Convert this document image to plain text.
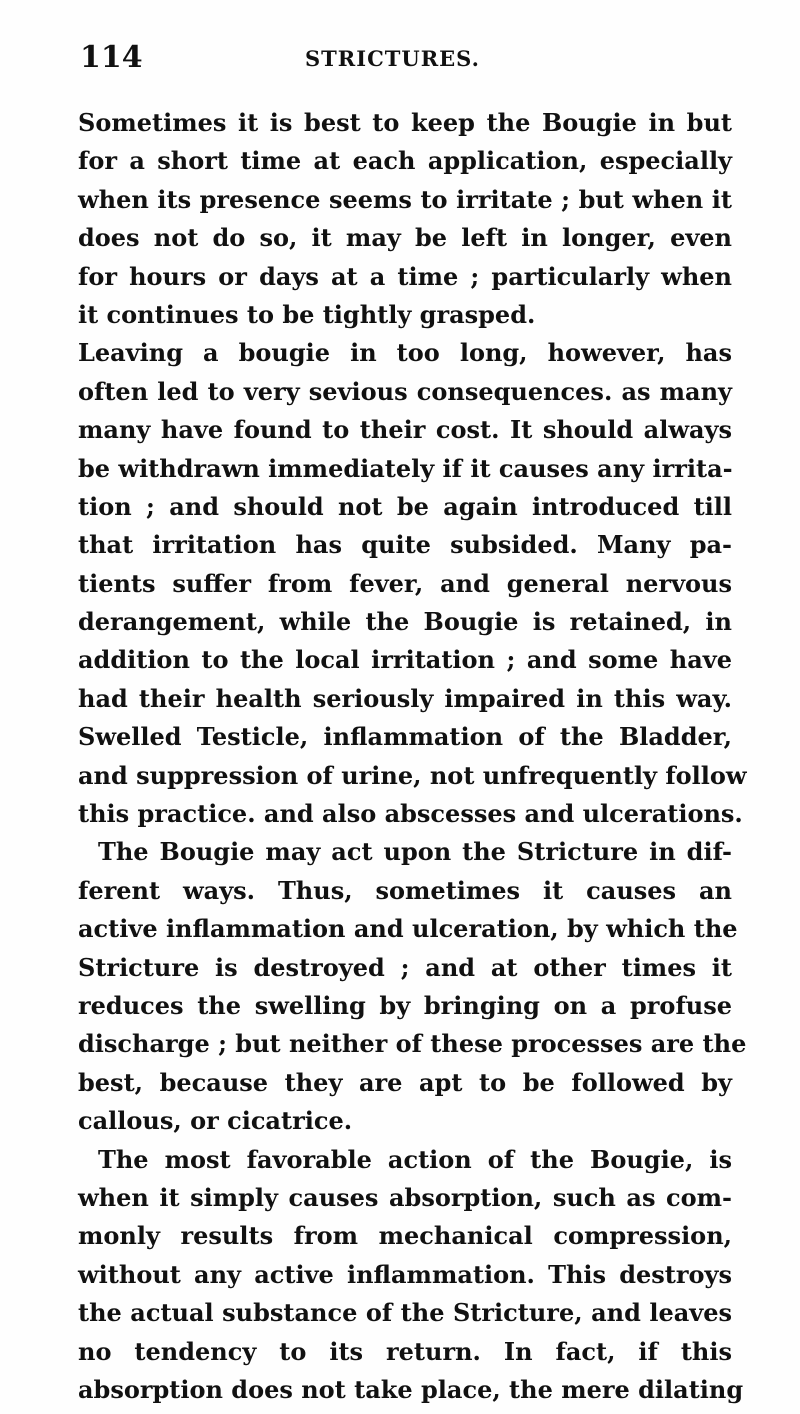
114	STRICTURES.
Sometimes it is best to keep the Bougie in but
for a short time at each application, especially
when its presence seems to irritate ; but when it
does not do so, it may be left in longer, even
for hours or days at a time ; particularly when
it continues to be tightly grasped.
Leaving a bougie in too long, however, has
often led to very sevious consequences. as many
many have found to their cost. It should always
be withdrawn immediately if it causes any irrita-
tion ; and should not be again introduced till
that irritation has quite subsided. Many pa-
tients suffer from fever, and general nervous
derangement, while the Bougie is retained, in
addition to the local irritation ; and some have
had their health seriously impaired in this way.
Swelled Testicle, inflammation of the Bladder,
and suppression of urine, not unfrequently follow
this practice. and also abscesses and ulcerations.
The Bougie may act upon the Stricture in dif-
ferent ways. Thus, sometimes it causes an
active inflammation and ulceration, by which the
Stricture is destroyed ; and at other times it
reduces the swelling by bringing on a profuse
discharge ; but neither of these processes are the
best, because they are apt to be followed by
callous, or cicatrice.
The most favorable action of the Bougie, is
when it simply causes absorption, such as com-
monly results from mechanical compression,
without any active inflammation. This destroys
the actual substance of the Stricture, and leaves
no tendency to its return. In fact, if this
absorption does not take place, the mere dilating
